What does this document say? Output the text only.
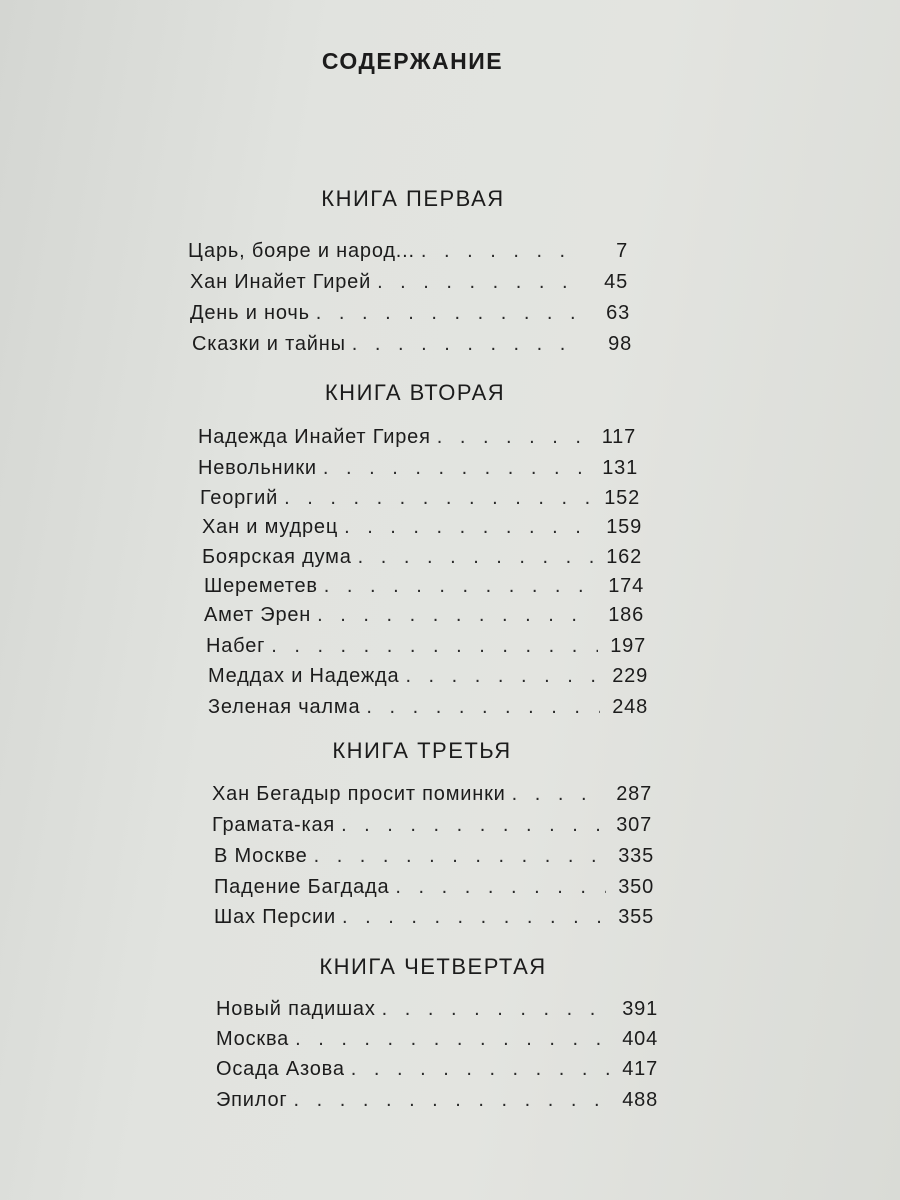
СОДЕРЖАНИЕ
КНИГА ПЕРВАЯ
Царь, бояре и народ... . . .	7
Хан Инайет Гирей . . .	45
День и ночь . . .	63
Сказки и тайны . . .	98
КНИГА ВТОРАЯ
Надежда Инайет Гирея . . .	117
Невольники . . .	131
Георгий . . .	152
Хан и мудрец . . .	159
Боярская дума . . .	162
Шереметев . . .	174
Амет Эрен . . .	186
Набег . . .	197
Меддах и Надежда . . .	229
Зеленая чалма . . .	248
КНИГА ТРЕТЬЯ
Хан Бегадыр просит поминки . . .	287
Грамата-кая . . .	307
В Москве . . .	335
Падение Багдада . . .	350
Шах Персии . . .	355
КНИГА ЧЕТВЕРТАЯ
Новый падишах . . .	391
Москва . . .	404
Осада Азова . . .	417
Эпилог . . .	488
